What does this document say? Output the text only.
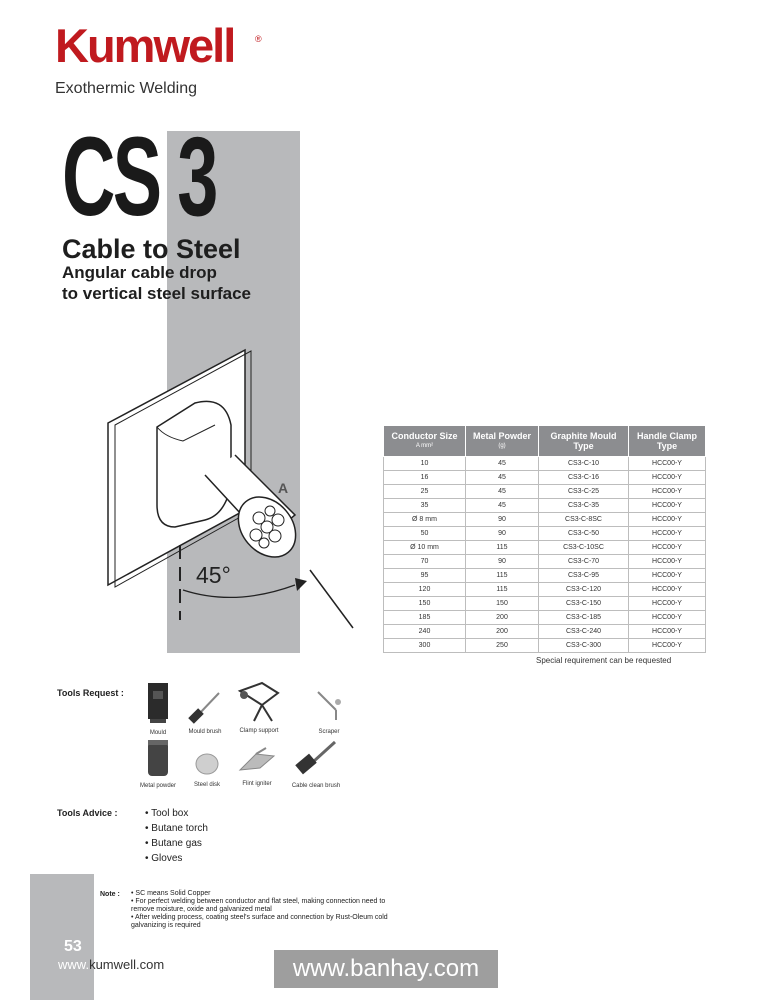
Kumwell ®
Exothermic Welding
CS 3
Cable to Steel
Angular cable drop
to vertical steel surface
A
45°
Conductor Size
A mm²	Metal Powder
(g)	Graphite Mould Type	Handle Clamp Type
10	45	CS3-C-10	HCC00-Y
16	45	CS3-C-16	HCC00-Y
25	45	CS3-C-25	HCC00-Y
35	45	CS3-C-35	HCC00-Y
Ø 8 mm	90	CS3-C-8SC	HCC00-Y
50	90	CS3-C-50	HCC00-Y
Ø 10 mm	115	CS3-C-10SC	HCC00-Y
70	90	CS3-C-70	HCC00-Y
95	115	CS3-C-95	HCC00-Y
120	115	CS3-C-120	HCC00-Y
150	150	CS3-C-150	HCC00-Y
185	200	CS3-C-185	HCC00-Y
240	200	CS3-C-240	HCC00-Y
300	250	CS3-C-300	HCC00-Y
Special requirement can be requested
Tools Request :
Mould	Mould brush	Clamp support	Scraper
Metal powder	Steel disk	Flint igniter	Cable clean brush
Tools Advice :	• Tool box
• Butane torch
• Butane gas
• Gloves
Note : • SC means Solid Copper
• For perfect welding between conductor and flat steel, making connection need to remove moisture, oxide and galvanized metal
• After welding process, coating steel's surface and connection by Rust-Oleum cold galvanizing is required
53
www.kumwell.com	www.banhay.com
